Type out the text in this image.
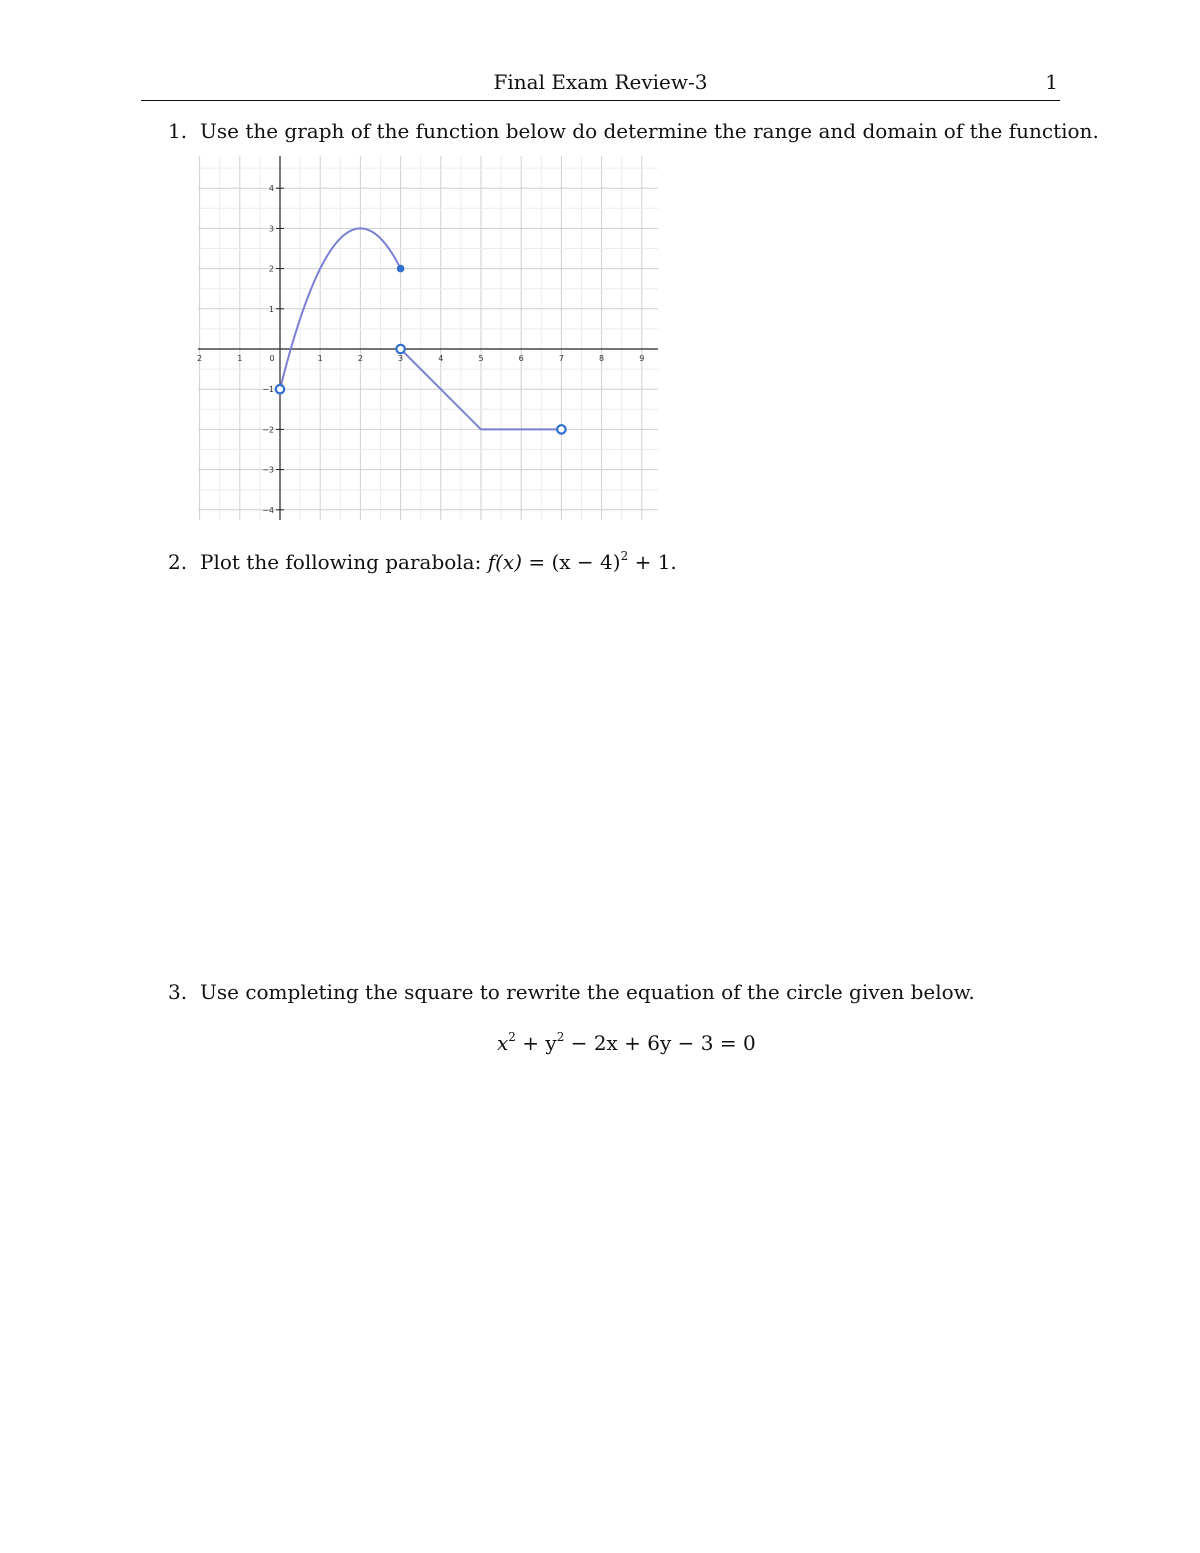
Final Exam Review-3	1
1. Use the graph of the function below do determine the range and domain of the function.
2	1	0	1	2	3	4	5	6	7	8	9
4
3
2
1
−1
−2
−3
−4
2. Plot the following parabola: $f(x) = (x - 4)^2 + 1$.
3. Use completing the square to rewrite the equation of the circle given below.
$x^2 + y^2 - 2x + 6y - 3 = 0$
